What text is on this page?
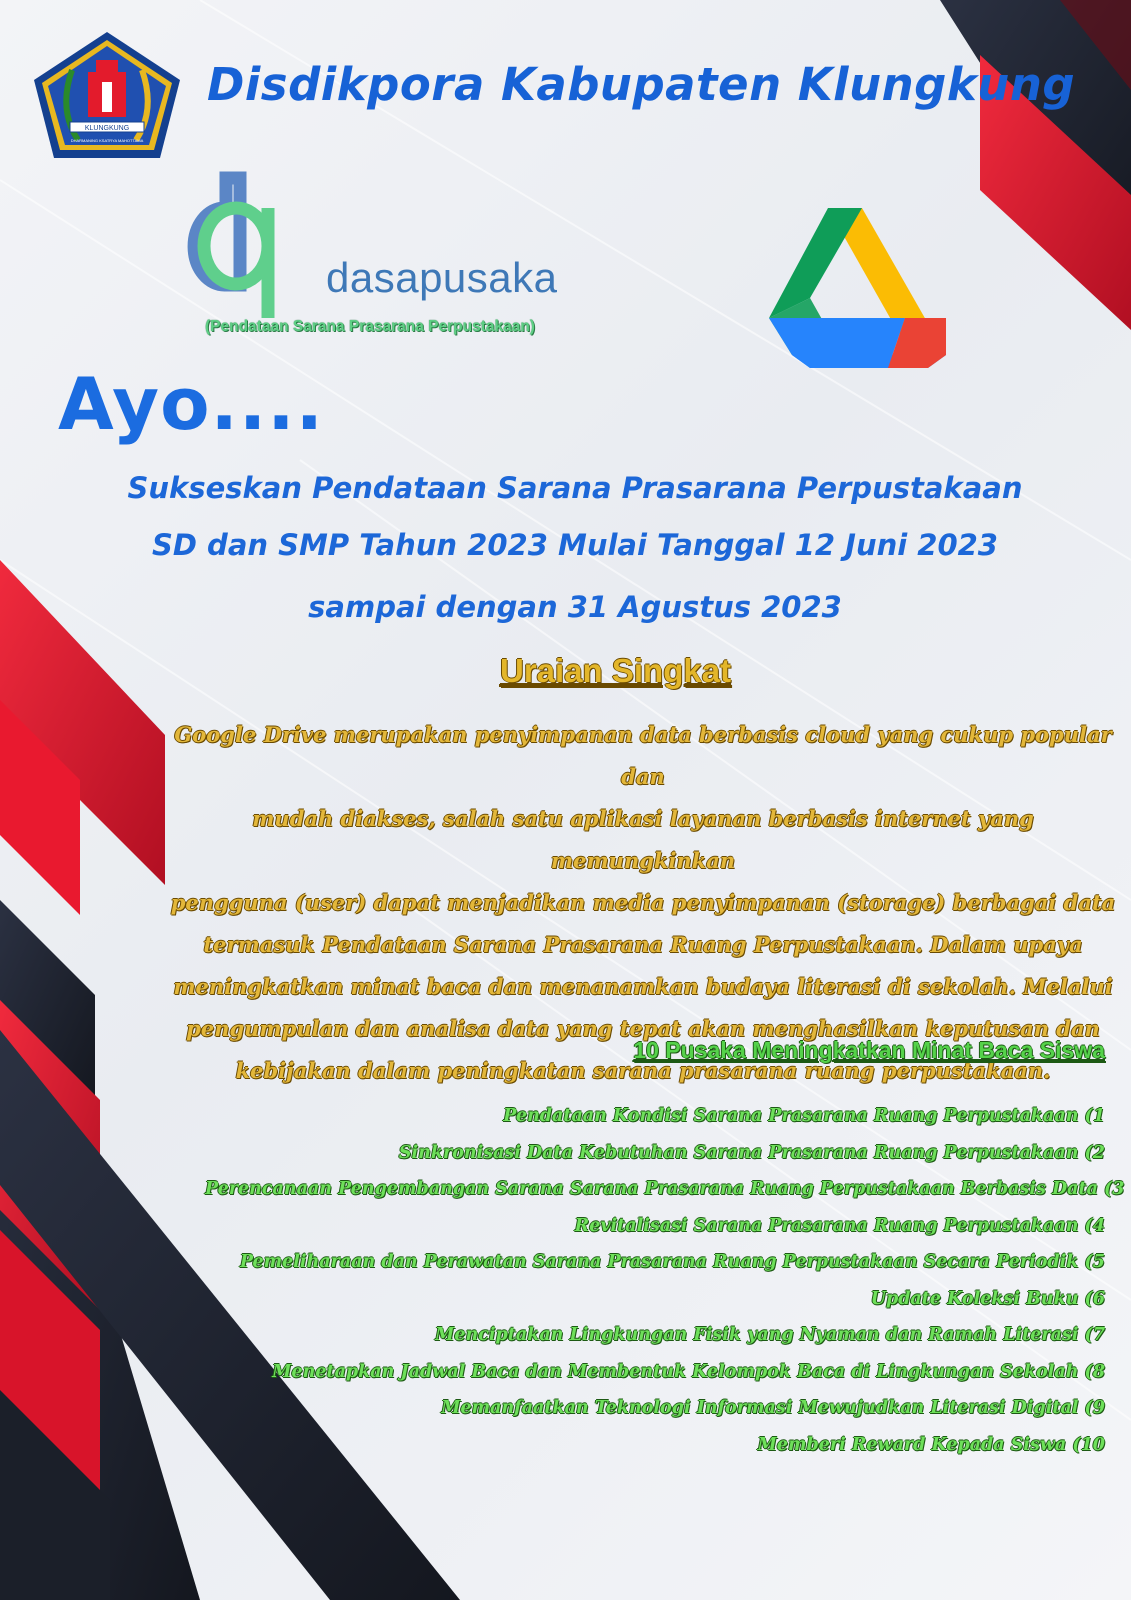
KLUNGKUNG
DHARMANING KSATRYA MAHOTTAMA
Disdikpora Kabupaten Klungkung
dasapusaka
(Pendataan Sarana Prasarana Perpustakaan)
Ayo....
Sukseskan Pendataan Sarana Prasarana Perpustakaan
SD dan SMP Tahun 2023 Mulai Tanggal 12 Juni 2023
sampai dengan 31 Agustus 2023
Uraian Singkat
Google Drive merupakan penyimpanan data berbasis cloud yang cukup popular dan
mudah diakses, salah satu aplikasi layanan berbasis internet yang memungkinkan
pengguna (user) dapat menjadikan media penyimpanan (storage) berbagai data
termasuk Pendataan Sarana Prasarana Ruang Perpustakaan. Dalam upaya
meningkatkan minat baca dan menanamkan budaya literasi di sekolah. Melalui
pengumpulan dan analisa data yang tepat akan menghasilkan keputusan dan
kebijakan dalam peningkatan sarana prasarana ruang perpustakaan.
10 Pusaka Meningkatkan Minat Baca Siswa
Pendataan Kondisi Sarana Prasarana Ruang Perpustakaan (1
Sinkronisasi Data Kebutuhan Sarana Prasarana Ruang Perpustakaan (2
Perencanaan Pengembangan Sarana Sarana Prasarana Ruang Perpustakaan Berbasis Data (3
Revitalisasi Sarana Prasarana Ruang Perpustakaan (4
Pemeliharaan dan Perawatan Sarana Prasarana Ruang Perpustakaan Secara Periodik (5
Update Koleksi Buku (6
Menciptakan Lingkungan Fisik yang Nyaman dan Ramah Literasi (7
Menetapkan Jadwal Baca dan Membentuk Kelompok Baca di Lingkungan Sekolah (8
Memanfaatkan Teknologi Informasi Mewujudkan Literasi Digital (9
Memberi Reward Kepada Siswa (10
